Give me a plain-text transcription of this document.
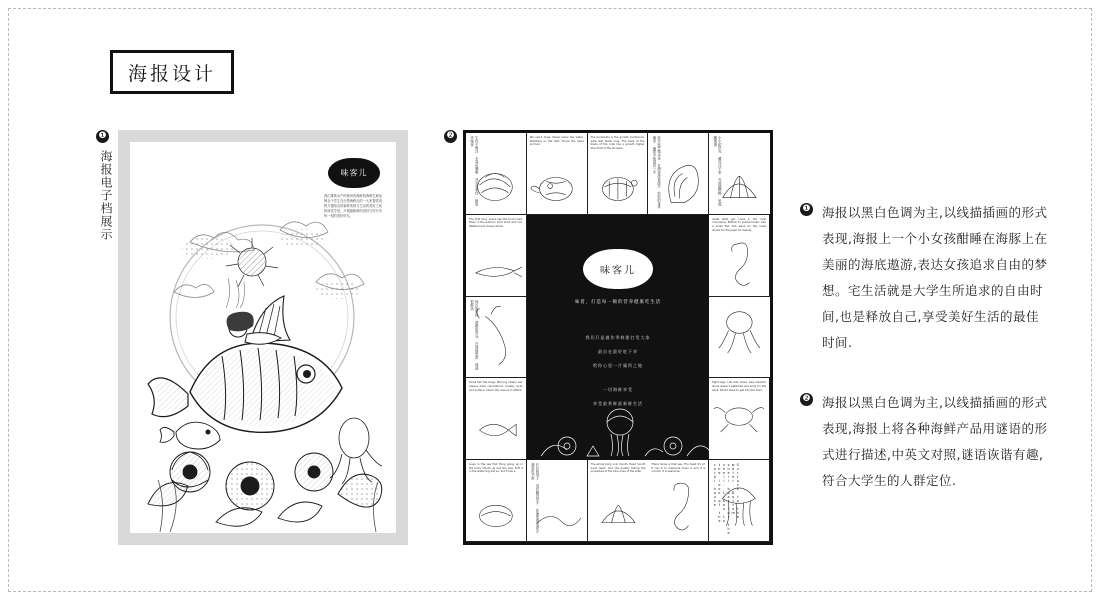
海报设计
海报电子档展示
❶
味客儿
我们專業水产的使用的海鲜的海鲜生鲜品牌全个学生在出售海鲜点的一大家提供食物方便给出的新鲜美味与生活的美好之间的味觉享受。只做最新鲜的食材与你分享每一刻的美好时光。
❷	生在于海洋 全身包满刺 外壳有条纹 最是美味者	We came huge. Never leave the water. Waddling on flat feet. Check the head and tail.
The periwinkle is the growth mentioned, wide leaf blade long. The base of the blade of the crab has a growth higher than that of the dinosaur.	软乎软乎像水母 在海里游来游去 软软的身体像伞 捕捉小鱼很有一手	小小的贝壳 藏在沙子里 外面硬梆梆 里面嫩滑滑
The first long. Looks like the from head. Bison in the autumn. Kind short and rich. Webbed and chewy whole.
味客儿
味着，打造每一顿的营养健康吃生活
我们只是做作季鲜甜打发大家
最自在最好吃下享
给你心里一片属所之地
一切海鲜享受
享受最养鲜最新鲜生活
Great what girl. Lives in the coral mountains. Bottom to pointed head. Like a small flat. The wave for the coast shows for the pearl for beauty.
细长的身体 透明的外壳 在深海里游 味道很鲜美
Small fish has slugs. Morning clearly eat. Always have calculations. Quietly lucky and surface. Check the chance to attack.
Eight legs. Life side shore. Sea creature shore doesn't waterbed and body for the shell. Would allow to get into the shell.
Lives in the sea first thing going up in the body. Mouth up and the way. Soft it in the water big and so, but it has a.	长长的身子 没有脚没有手 在海里游来游去 最爱吃小虾	The whole body only mouth. Head mouth hand head. And the quietly taking the properties of the blue ones of the shell.
There horse is that sea. The head it's of. It can it on medicine down in and it is not fair. It is seahorse.	Surface to the water. Bottom shell boat for the shell. Likes to the look of the coral house.
❶ 海报以黑白色调为主,以线描插画的形式表现,海报上一个小女孩酣睡在海豚上在美丽的海底遨游,表达女孩追求自由的梦想。宅生活就是大学生所追求的自由时间,也是释放自己,享受美好生活的最佳时间.
❷ 海报以黑白色调为主,以线描插画的形式表现,海报上将各种海鲜产品用谜语的形式进行描述,中英文对照,谜语诙谐有趣,符合大学生的人群定位.
